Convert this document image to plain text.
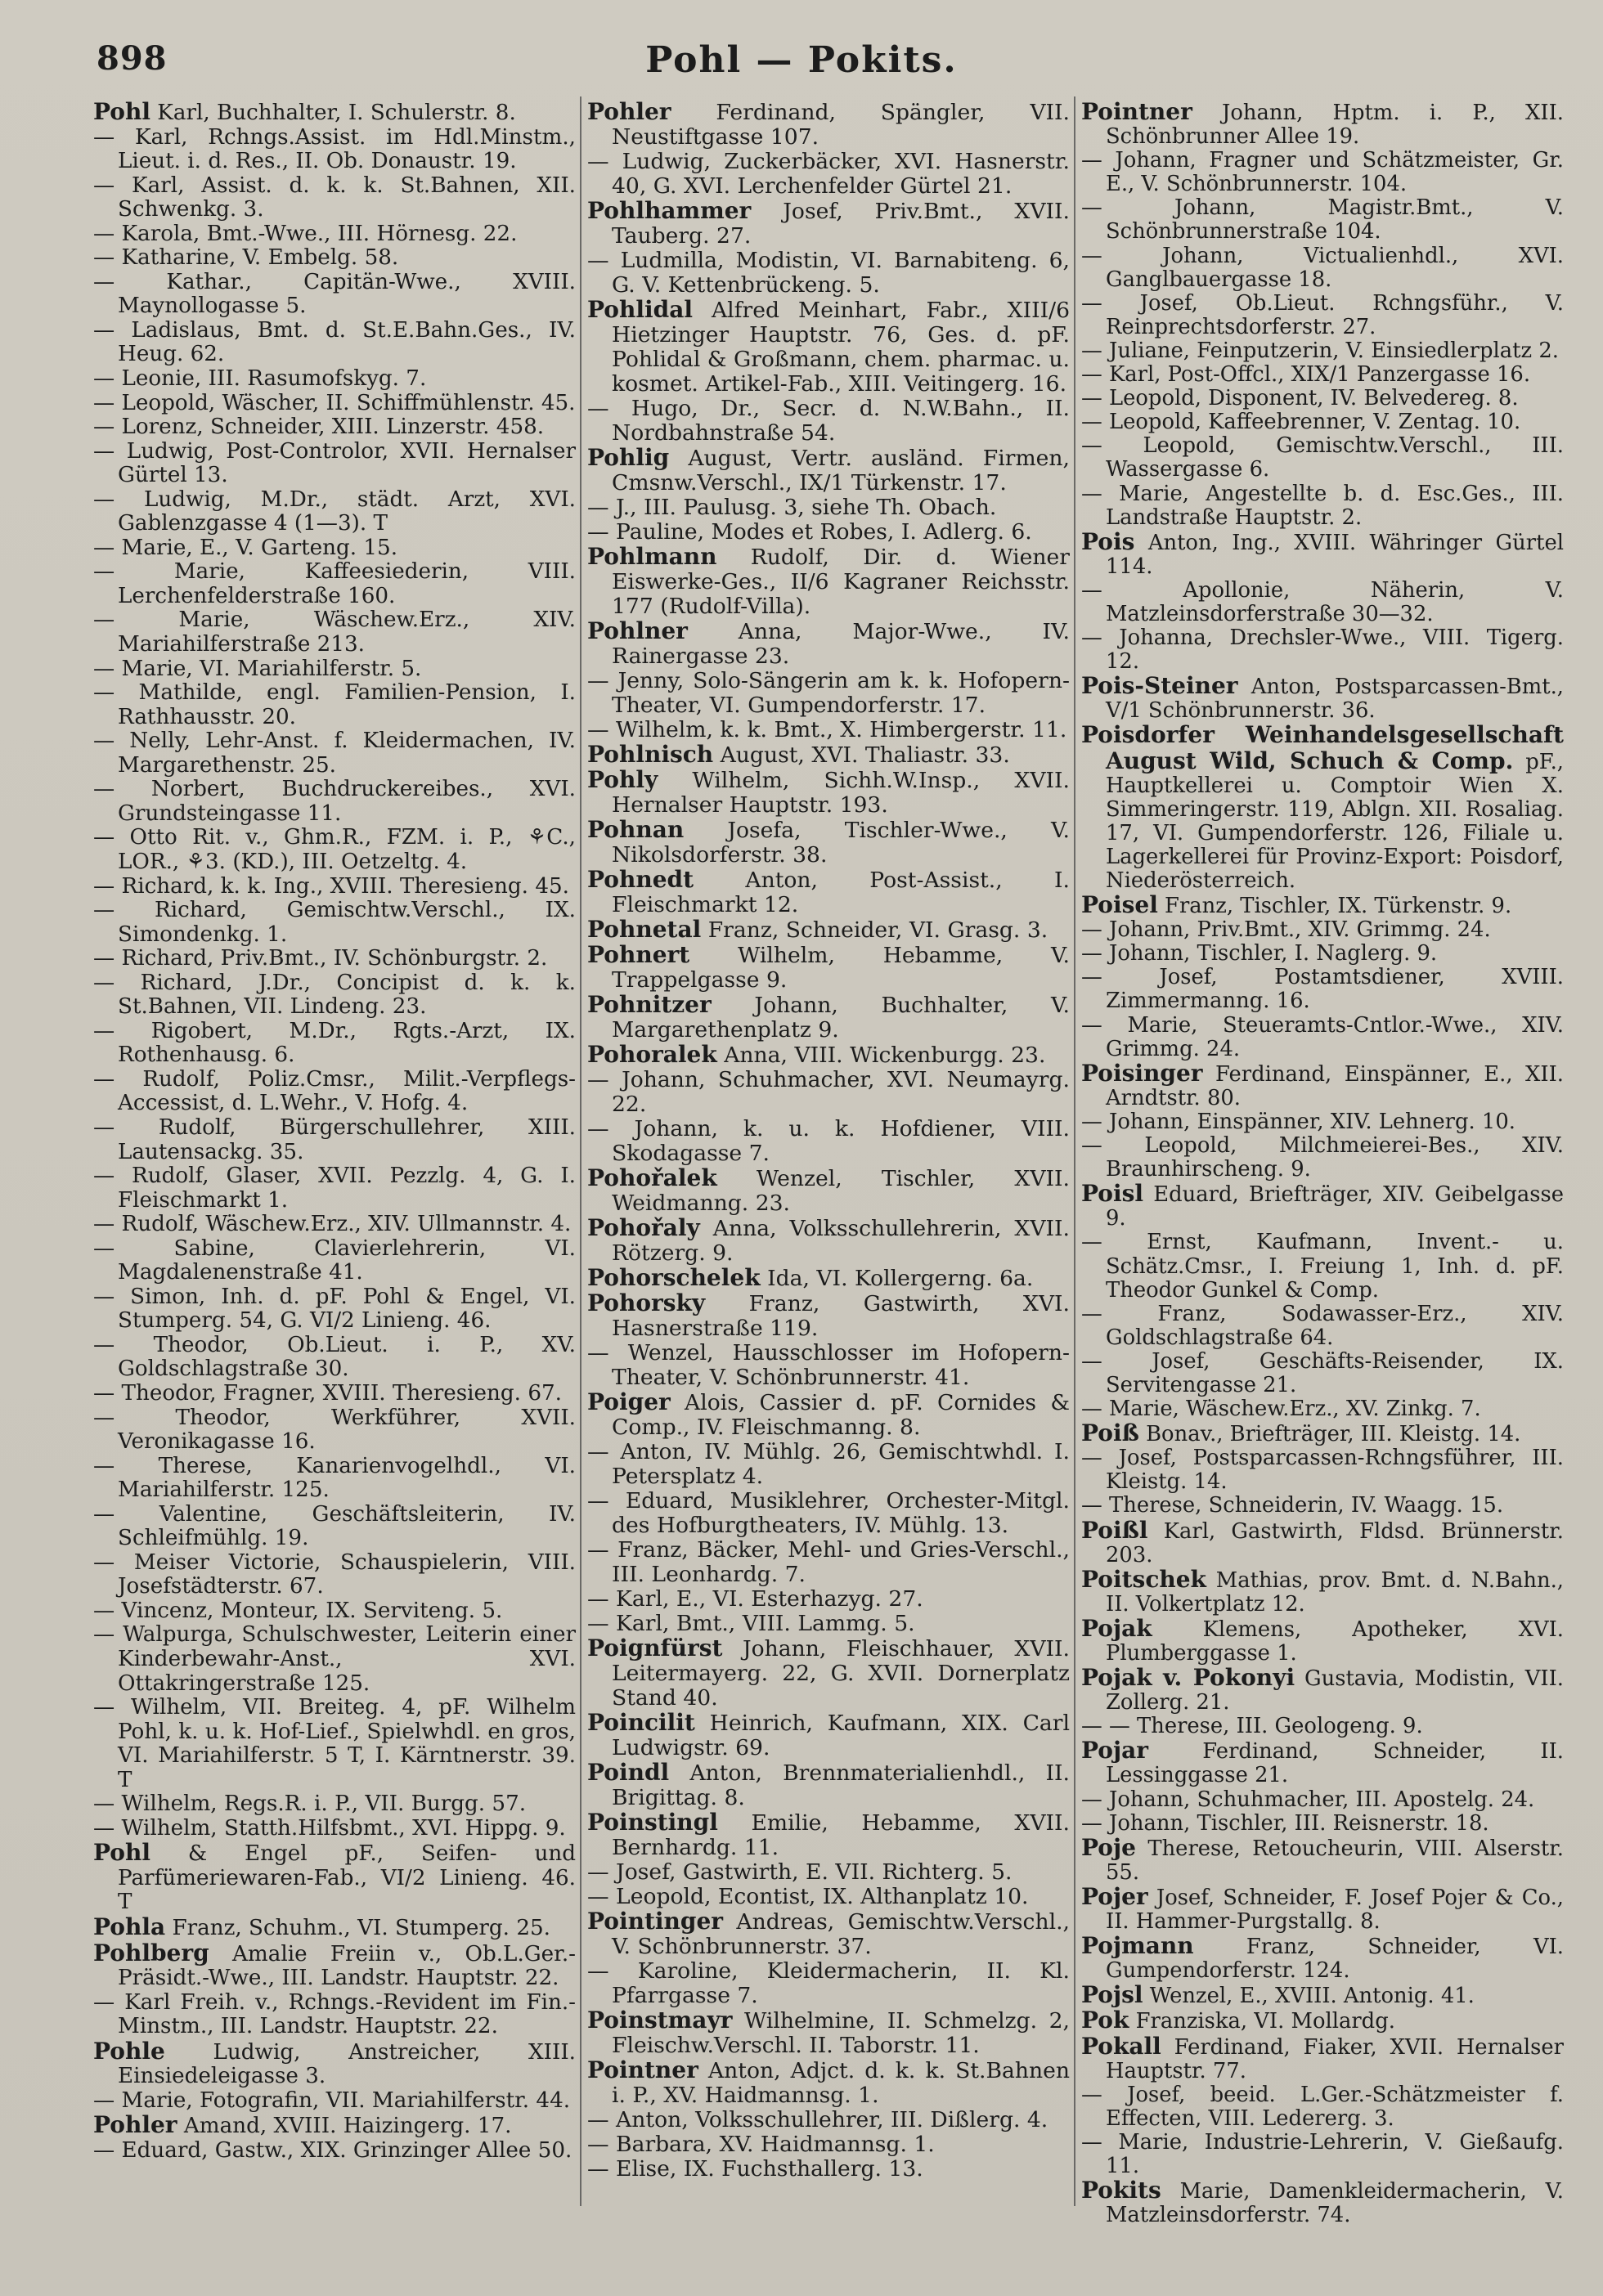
898	Pohl — Pokits.

Pohl Karl, Buchhalter, I. Schulerstr. 8.

— Karl, Rchngs.Assist. im Hdl.Minstm., Lieut. i. d. Res., II. Ob. Donaustr. 19.

— Karl, Assist. d. k. k. St.Bahnen, XII. Schwenkg. 3.

— Karola, Bmt.-Wwe., III. Hörnesg. 22.

— Katharine, V. Embelg. 58.

— Kathar., Capitän-Wwe., XVIII. Maynollogasse 5.

— Ladislaus, Bmt. d. St.E.Bahn.Ges., IV. Heug. 62.

— Leonie, III. Rasumofskyg. 7.

— Leopold, Wäscher, II. Schiffmühlenstr. 45.

— Lorenz, Schneider, XIII. Linzerstr. 458.

— Ludwig, Post-Controlor, XVII. Hernalser Gürtel 13.

— Ludwig, M.Dr., städt. Arzt, XVI. Gablenzgasse 4 (1—3). T

— Marie, E., V. Garteng. 15.

— Marie, Kaffeesiederin, VIII. Lerchenfelderstraße 160.

— Marie, Wäschew.Erz., XIV. Mariahilferstraße 213.

— Marie, VI. Mariahilferstr. 5.

— Mathilde, engl. Familien-Pension, I. Rathhausstr. 20.

— Nelly, Lehr-Anst. f. Kleidermachen, IV. Margarethenstr. 25.

— Norbert, Buchdruckereibes., XVI. Grundsteingasse 11.

— Otto Rit. v., Ghm.R., FZM. i. P., ⚘C., LOR., ⚘3. (KD.), III. Oetzeltg. 4.

— Richard, k. k. Ing., XVIII. Theresieng. 45.

— Richard, Gemischtw.Verschl., IX. Simondenkg. 1.

— Richard, Priv.Bmt., IV. Schönburgstr. 2.

— Richard, J.Dr., Concipist d. k. k. St.Bahnen, VII. Lindeng. 23.

— Rigobert, M.Dr., Rgts.-Arzt, IX. Rothenhausg. 6.

— Rudolf, Poliz.Cmsr., Milit.-Verpflegs-Accessist, d. L.Wehr., V. Hofg. 4.

— Rudolf, Bürgerschullehrer, XIII. Lautensackg. 35.

— Rudolf, Glaser, XVII. Pezzlg. 4, G. I. Fleischmarkt 1.

— Rudolf, Wäschew.Erz., XIV. Ullmannstr. 4.

— Sabine, Clavierlehrerin, VI. Magdalenenstraße 41.

— Simon, Inh. d. pF. Pohl & Engel, VI. Stumperg. 54, G. VI/2 Linieng. 46.

— Theodor, Ob.Lieut. i. P., XV. Goldschlagstraße 30.

— Theodor, Fragner, XVIII. Theresieng. 67.

— Theodor, Werkführer, XVII. Veronikagasse 16.

— Therese, Kanarienvogelhdl., VI. Mariahilferstr. 125.

— Valentine, Geschäftsleiterin, IV. Schleifmühlg. 19.

— Meiser Victorie, Schauspielerin, VIII. Josefstädterstr. 67.

— Vincenz, Monteur, IX. Serviteng. 5.

— Walpurga, Schulschwester, Leiterin einer Kinderbewahr-Anst., XVI. Ottakringerstraße 125.

— Wilhelm, VII. Breiteg. 4, pF. Wilhelm Pohl, k. u. k. Hof-Lief., Spielwhdl. en gros, VI. Mariahilferstr. 5 T, I. Kärntnerstr. 39. T

— Wilhelm, Regs.R. i. P., VII. Burgg. 57.

— Wilhelm, Statth.Hilfsbmt., XVI. Hippg. 9.

Pohl & Engel pF., Seifen- und Parfümeriewaren-Fab., VI/2 Linieng. 46. T

Pohla Franz, Schuhm., VI. Stumperg. 25.

Pohlberg Amalie Freiin v., Ob.L.Ger.-Präsidt.-Wwe., III. Landstr. Hauptstr. 22.

— Karl Freih. v., Rchngs.-Revident im Fin.-Minstm., III. Landstr. Hauptstr. 22.

Pohle Ludwig, Anstreicher, XIII. Einsiedeleigasse 3.

— Marie, Fotografin, VII. Mariahilferstr. 44.

Pohler Amand, XVIII. Haizingerg. 17.

— Eduard, Gastw., XIX. Grinzinger Allee 50.

Pohler Ferdinand, Spängler, VII. Neustiftgasse 107.

— Ludwig, Zuckerbäcker, XVI. Hasnerstr. 40, G. XVI. Lerchenfelder Gürtel 21.

Pohlhammer Josef, Priv.Bmt., XVII. Tauberg. 27.

— Ludmilla, Modistin, VI. Barnabiteng. 6, G. V. Kettenbrückeng. 5.

Pohlidal Alfred Meinhart, Fabr., XIII/6 Hietzinger Hauptstr. 76, Ges. d. pF. Pohlidal & Großmann, chem. pharmac. u. kosmet. Artikel-Fab., XIII. Veitingerg. 16.

— Hugo, Dr., Secr. d. N.W.Bahn., II. Nordbahnstraße 54.

Pohlig August, Vertr. ausländ. Firmen, Cmsnw.Verschl., IX/1 Türkenstr. 17.

— J., III. Paulusg. 3, siehe Th. Obach.

— Pauline, Modes et Robes, I. Adlerg. 6.

Pohlmann Rudolf, Dir. d. Wiener Eiswerke-Ges., II/6 Kagraner Reichsstr. 177 (Rudolf-Villa).

Pohlner Anna, Major-Wwe., IV. Rainergasse 23.

— Jenny, Solo-Sängerin am k. k. Hofopern-Theater, VI. Gumpendorferstr. 17.

— Wilhelm, k. k. Bmt., X. Himbergerstr. 11.

Pohlnisch August, XVI. Thaliastr. 33.

Pohly Wilhelm, Sichh.W.Insp., XVII. Hernalser Hauptstr. 193.

Pohnan Josefa, Tischler-Wwe., V. Nikolsdorferstr. 38.

Pohnedt Anton, Post-Assist., I. Fleischmarkt 12.

Pohnetal Franz, Schneider, VI. Grasg. 3.

Pohnert Wilhelm, Hebamme, V. Trappelgasse 9.

Pohnitzer Johann, Buchhalter, V. Margarethenplatz 9.

Pohoralek Anna, VIII. Wickenburgg. 23.

— Johann, Schuhmacher, XVI. Neumayrg. 22.

— Johann, k. u. k. Hofdiener, VIII. Skodagasse 7.

Pohořalek Wenzel, Tischler, XVII. Weidmanng. 23.

Pohořaly Anna, Volksschullehrerin, XVII. Rötzerg. 9.

Pohorschelek Ida, VI. Kollergerng. 6a.

Pohorsky Franz, Gastwirth, XVI. Hasnerstraße 119.

— Wenzel, Hausschlosser im Hofopern-Theater, V. Schönbrunnerstr. 41.

Poiger Alois, Cassier d. pF. Cornides & Comp., IV. Fleischmanng. 8.

— Anton, IV. Mühlg. 26, Gemischtwhdl. I. Petersplatz 4.

— Eduard, Musiklehrer, Orchester-Mitgl. des Hofburgtheaters, IV. Mühlg. 13.

— Franz, Bäcker, Mehl- und Gries-Verschl., III. Leonhardg. 7.

— Karl, E., VI. Esterhazyg. 27.

— Karl, Bmt., VIII. Lammg. 5.

Poignfürst Johann, Fleischhauer, XVII. Leitermayerg. 22, G. XVII. Dornerplatz Stand 40.

Poincilit Heinrich, Kaufmann, XIX. Carl Ludwigstr. 69.

Poindl Anton, Brennmaterialienhdl., II. Brigittag. 8.

Poinstingl Emilie, Hebamme, XVII. Bernhardg. 11.

— Josef, Gastwirth, E. VII. Richterg. 5.

— Leopold, Econtist, IX. Althanplatz 10.

Pointinger Andreas, Gemischtw.Verschl., V. Schönbrunnerstr. 37.

— Karoline, Kleidermacherin, II. Kl. Pfarrgasse 7.

Poinstmayr Wilhelmine, II. Schmelzg. 2, Fleischw.Verschl. II. Taborstr. 11.

Pointner Anton, Adjct. d. k. k. St.Bahnen i. P., XV. Haidmannsg. 1.

— Anton, Volksschullehrer, III. Dißlerg. 4.

— Barbara, XV. Haidmannsg. 1.

— Elise, IX. Fuchsthallerg. 13.

Pointner Johann, Hptm. i. P., XII. Schönbrunner Allee 19.

— Johann, Fragner und Schätzmeister, Gr. E., V. Schönbrunnerstr. 104.

— Johann, Magistr.Bmt., V. Schönbrunnerstraße 104.

— Johann, Victualienhdl., XVI. Ganglbauergasse 18.

— Josef, Ob.Lieut. Rchngsführ., V. Reinprechtsdorferstr. 27.

— Juliane, Feinputzerin, V. Einsiedlerplatz 2.

— Karl, Post-Offcl., XIX/1 Panzergasse 16.

— Leopold, Disponent, IV. Belvedereg. 8.

— Leopold, Kaffeebrenner, V. Zentag. 10.

— Leopold, Gemischtw.Verschl., III. Wassergasse 6.

— Marie, Angestellte b. d. Esc.Ges., III. Landstraße Hauptstr. 2.

Pois Anton, Ing., XVIII. Währinger Gürtel 114.

— Apollonie, Näherin, V. Matzleinsdorferstraße 30—32.

— Johanna, Drechsler-Wwe., VIII. Tigerg. 12.

Pois-Steiner Anton, Postsparcassen-Bmt., V/1 Schönbrunnerstr. 36.

Poisdorfer Weinhandelsgesellschaft August Wild, Schuch & Comp. pF., Hauptkellerei u. Comptoir Wien X. Simmeringerstr. 119, Ablgn. XII. Rosaliag. 17, VI. Gumpendorferstr. 126, Filiale u. Lagerkellerei für Provinz-Export: Poisdorf, Niederösterreich.

Poisel Franz, Tischler, IX. Türkenstr. 9.

— Johann, Priv.Bmt., XIV. Grimmg. 24.

— Johann, Tischler, I. Naglerg. 9.

— Josef, Postamtsdiener, XVIII. Zimmermanng. 16.

— Marie, Steueramts-Cntlor.-Wwe., XIV. Grimmg. 24.

Poisinger Ferdinand, Einspänner, E., XII. Arndtstr. 80.

— Johann, Einspänner, XIV. Lehnerg. 10.

— Leopold, Milchmeierei-Bes., XIV. Braunhirscheng. 9.

Poisl Eduard, Briefträger, XIV. Geibelgasse 9.

— Ernst, Kaufmann, Invent.- u. Schätz.Cmsr., I. Freiung 1, Inh. d. pF. Theodor Gunkel & Comp.

— Franz, Sodawasser-Erz., XIV. Goldschlagstraße 64.

— Josef, Geschäfts-Reisender, IX. Servitengasse 21.

— Marie, Wäschew.Erz., XV. Zinkg. 7.

Poiß Bonav., Briefträger, III. Kleistg. 14.

— Josef, Postsparcassen-Rchngsführer, III. Kleistg. 14.

— Therese, Schneiderin, IV. Waagg. 15.

Poißl Karl, Gastwirth, Fldsd. Brünnerstr. 203.

Poitschek Mathias, prov. Bmt. d. N.Bahn., II. Volkertplatz 12.

Pojak Klemens, Apotheker, XVI. Plumberggasse 1.

Pojak v. Pokonyi Gustavia, Modistin, VII. Zollerg. 21.

— — Therese, III. Geologeng. 9.

Pojar Ferdinand, Schneider, II. Lessinggasse 21.

— Johann, Schuhmacher, III. Apostelg. 24.

— Johann, Tischler, III. Reisnerstr. 18.

Poje Therese, Retoucheurin, VIII. Alserstr. 55.

Pojer Josef, Schneider, F. Josef Pojer & Co., II. Hammer-Purgstallg. 8.

Pojmann Franz, Schneider, VI. Gumpendorferstr. 124.

Pojsl Wenzel, E., XVIII. Antonig. 41.

Pok Franziska, VI. Mollardg.

Pokall Ferdinand, Fiaker, XVII. Hernalser Hauptstr. 77.

— Josef, beeid. L.Ger.-Schätzmeister f. Effecten, VIII. Ledererg. 3.

— Marie, Industrie-Lehrerin, V. Gießaufg. 11.

Pokits Marie, Damenkleidermacherin, V. Matzleinsdorferstr. 74.
